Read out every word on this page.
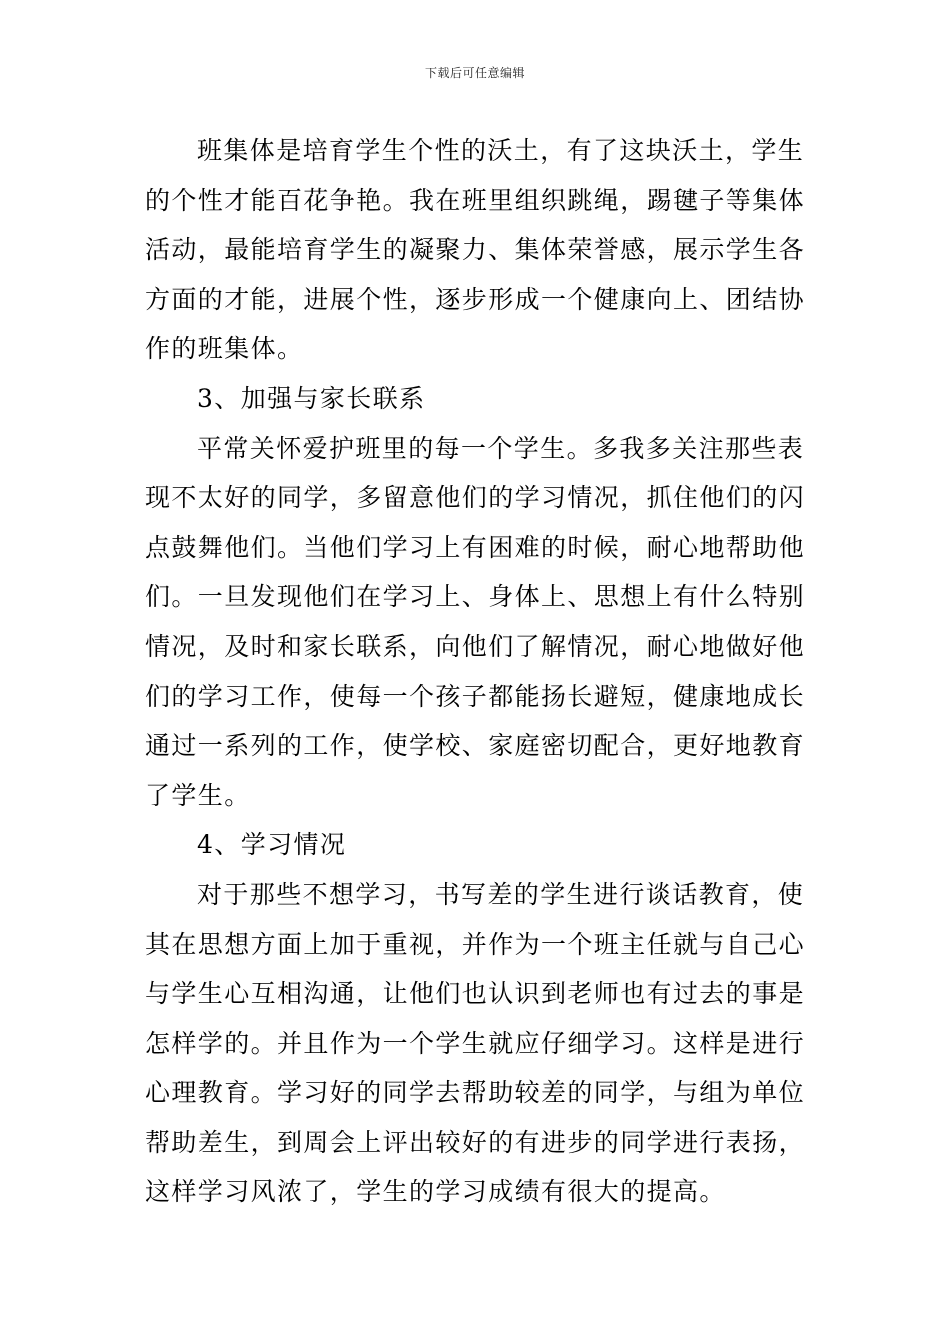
下载后可任意编辑
班集体是培育学生个性的沃土，有了这块沃土，学生
的个性才能百花争艳。我在班里组织跳绳，踢毽子等集体
活动，最能培育学生的凝聚力、集体荣誉感，展示学生各
方面的才能，进展个性，逐步形成一个健康向上、团结协
作的班集体。
3、加强与家长联系
平常关怀爱护班里的每一个学生。多我多关注那些表
现不太好的同学，多留意他们的学习情况，抓住他们的闪
点鼓舞他们。当他们学习上有困难的时候，耐心地帮助他
们。一旦发现他们在学习上、身体上、思想上有什么特别
情况，及时和家长联系，向他们了解情况，耐心地做好他
们的学习工作，使每一个孩子都能扬长避短，健康地成长
通过一系列的工作，使学校、家庭密切配合，更好地教育
了学生。
4、学习情况
对于那些不想学习，书写差的学生进行谈话教育，使
其在思想方面上加于重视，并作为一个班主任就与自己心
与学生心互相沟通，让他们也认识到老师也有过去的事是
怎样学的。并且作为一个学生就应仔细学习。这样是进行
心理教育。学习好的同学去帮助较差的同学，与组为单位
帮助差生，到周会上评出较好的有进步的同学进行表扬，
这样学习风浓了，学生的学习成绩有很大的提高。
